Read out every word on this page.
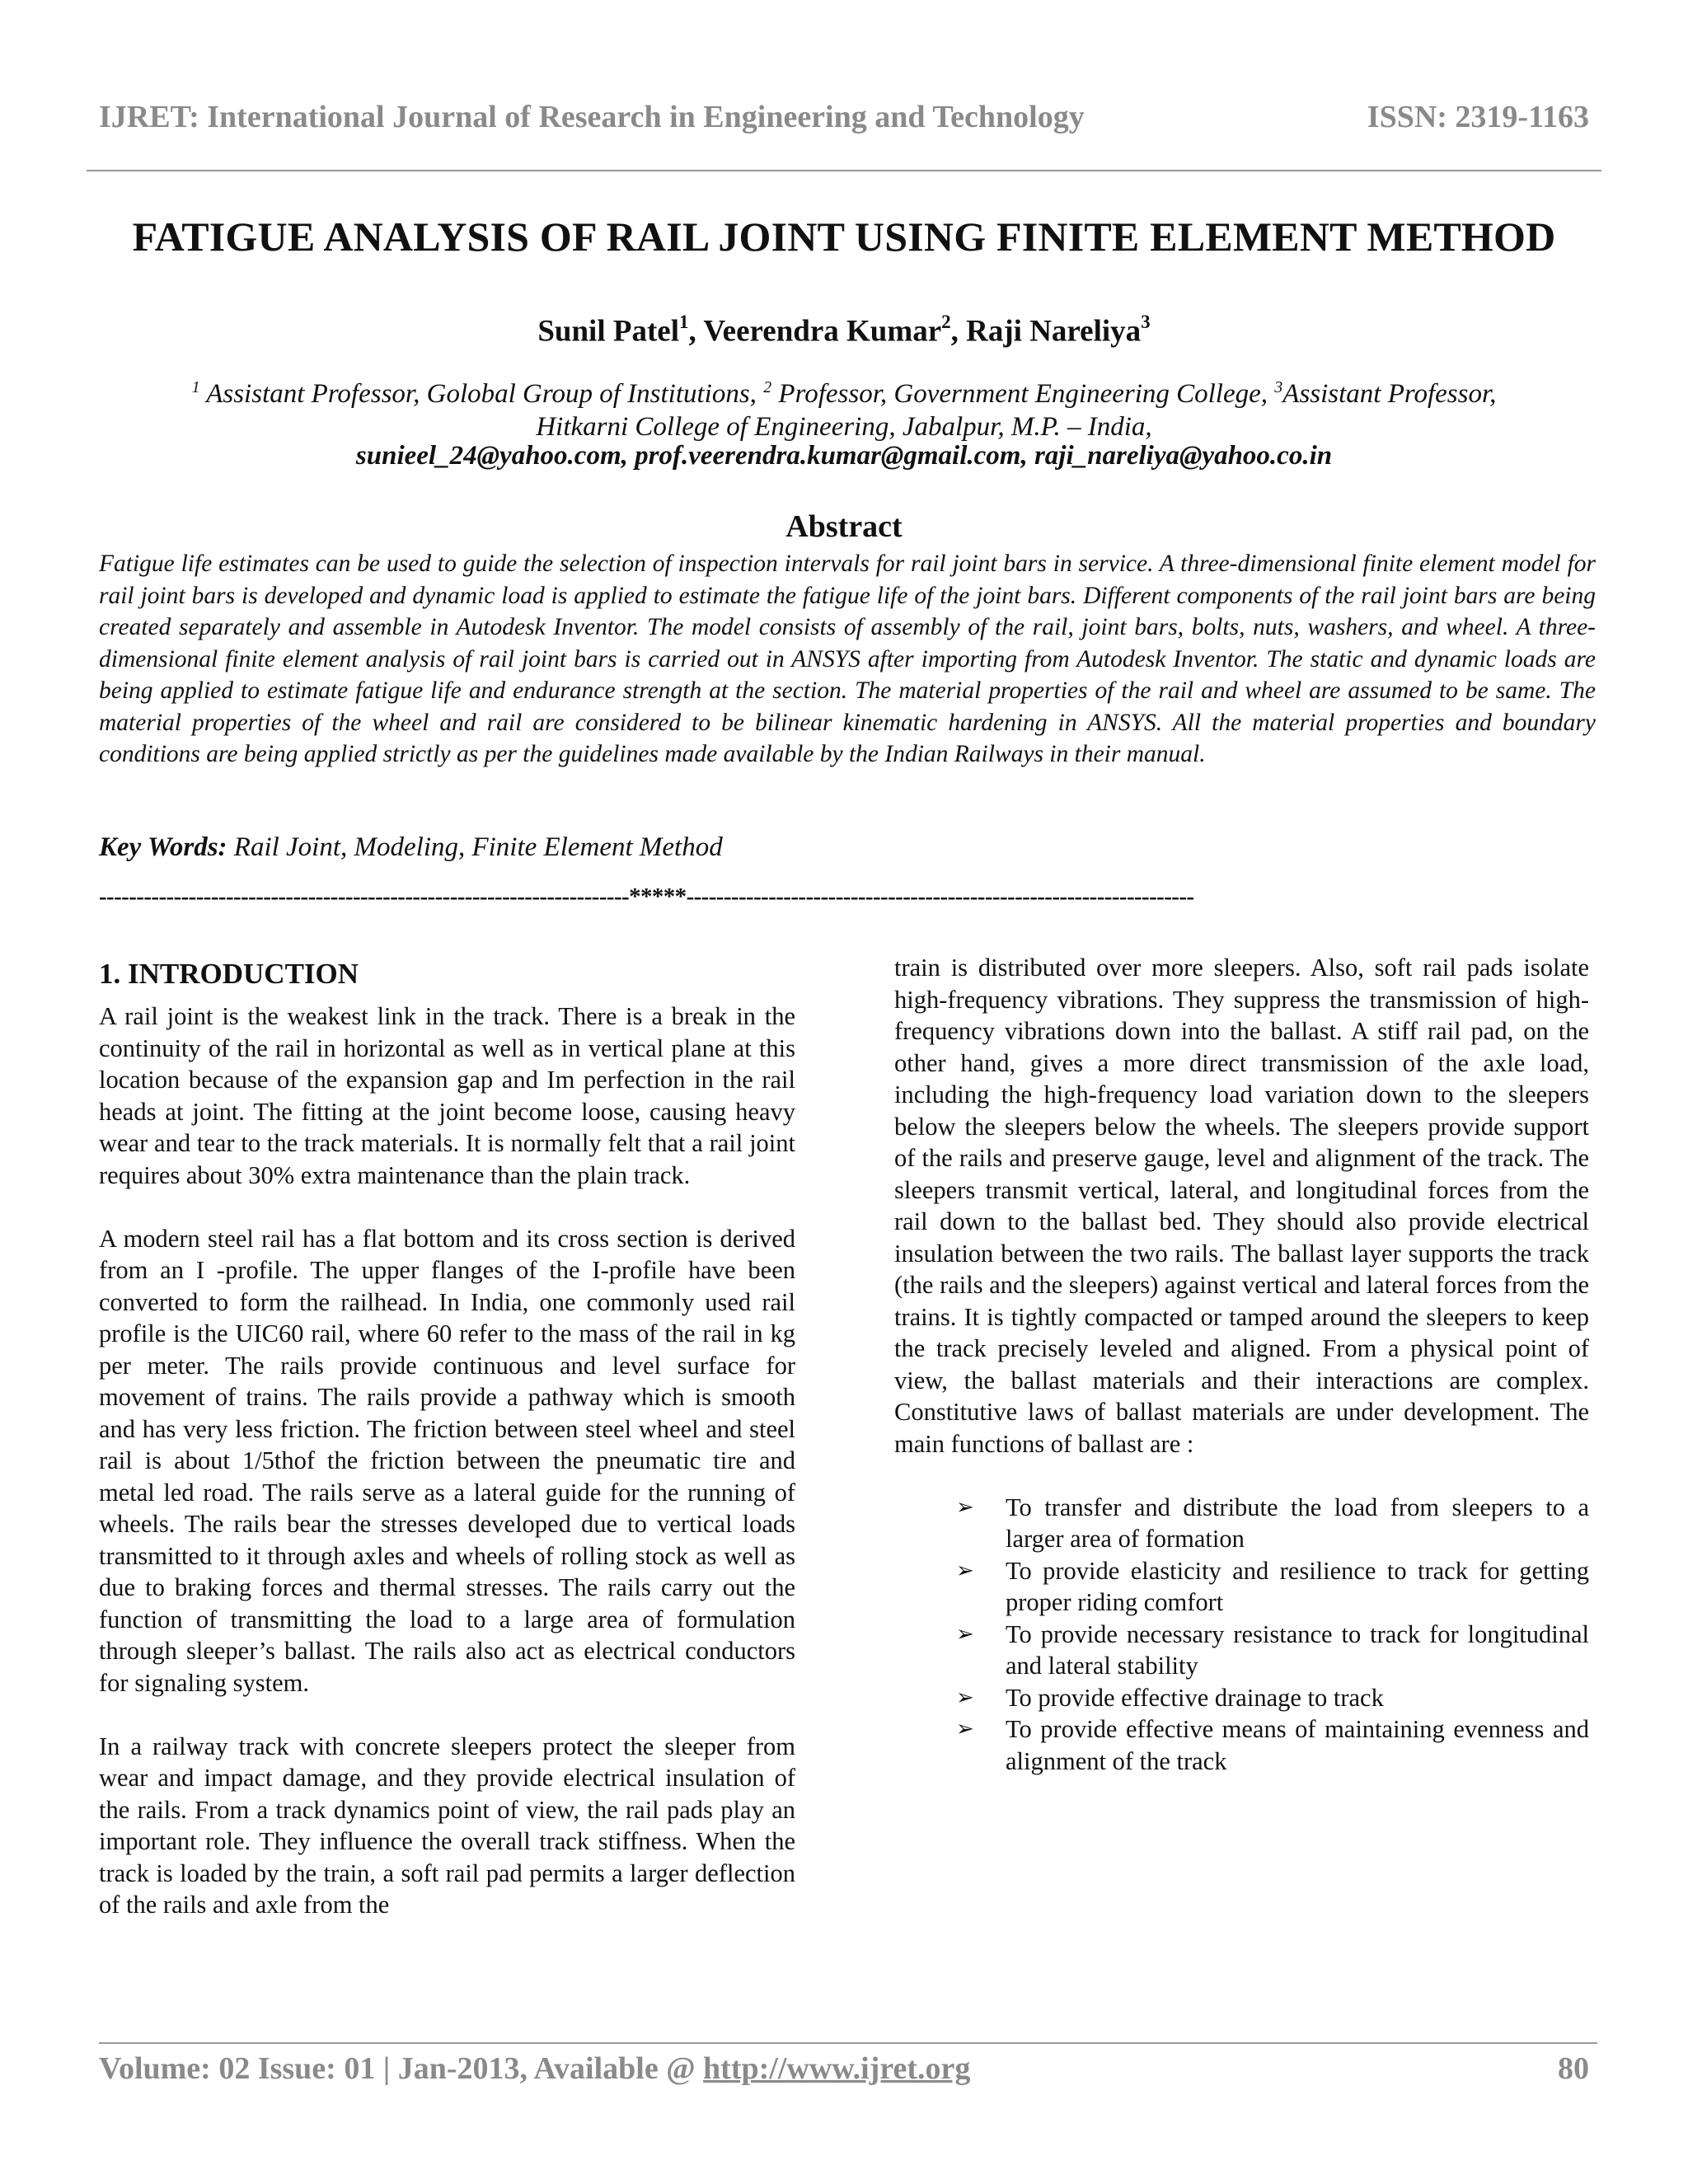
IJRET: International Journal of Research in Engineering and Technology	ISSN: 2319-1163
FATIGUE ANALYSIS OF RAIL JOINT USING FINITE ELEMENT METHOD
Sunil Patel$^1$, Veerendra Kumar$^2$, Raji Nareliya$^3$
$^1$ Assistant Professor, Golobal Group of Institutions, $^2$ Professor, Government Engineering College, $^3$Assistant Professor,
Hitkarni College of Engineering, Jabalpur, M.P. – India,
sunieel_24@yahoo.com, prof.veerendra.kumar@gmail.com, raji_nareliya@yahoo.co.in
Abstract
Fatigue life estimates can be used to guide the selection of inspection intervals for rail joint bars in service. A three-dimensional finite element model for rail joint bars is developed and dynamic load is applied to estimate the fatigue life of the joint bars. Different components of the rail joint bars are being created separately and assemble in Autodesk Inventor. The model consists of assembly of the rail, joint bars, bolts, nuts, washers, and wheel. A three-dimensional finite element analysis of rail joint bars is carried out in ANSYS after importing from Autodesk Inventor. The static and dynamic loads are being applied to estimate fatigue life and endurance strength at the section. The material properties of the rail and wheel are assumed to be same. The material properties of the wheel and rail are considered to be bilinear kinematic hardening in ANSYS. All the material properties and boundary conditions are being applied strictly as per the guidelines made available by the Indian Railways in their manual.
Key Words: Rail Joint, Modeling, Finite Element Method
-----------------------------------------------------------------------*****--------------------------------------------------------------------

1. INTRODUCTION

A rail joint is the weakest link in the track. There is a break in the continuity of the rail in horizontal as well as in vertical plane at this location because of the expansion gap and Im perfection in the rail heads at joint. The fitting at the joint become loose, causing heavy wear and tear to the track materials. It is normally felt that a rail joint requires about 30% extra maintenance than the plain track.

A modern steel rail has a flat bottom and its cross section is derived from an I -profile. The upper flanges of the I-profile have been converted to form the railhead. In India, one commonly used rail profile is the UIC60 rail, where 60 refer to the mass of the rail in kg per meter. The rails provide continuous and level surface for movement of trains. The rails provide a pathway which is smooth and has very less friction. The friction between steel wheel and steel rail is about 1/5thof the friction between the pneumatic tire and metal led road. The rails serve as a lateral guide for the running of wheels. The rails bear the stresses developed due to vertical loads transmitted to it through axles and wheels of rolling stock as well as due to braking forces and thermal stresses. The rails carry out the function of transmitting the load to a large area of formulation through sleeper’s ballast. The rails also act as electrical conductors for signaling system.

In a railway track with concrete sleepers protect the sleeper from wear and impact damage, and they provide electrical insulation of the rails. From a track dynamics point of view, the rail pads play an important role. They influence the overall track stiffness. When the track is loaded by the train, a soft rail pad permits a larger deflection of the rails and axle from the

train is distributed over more sleepers. Also, soft rail pads isolate high-frequency vibrations. They suppress the transmission of high-frequency vibrations down into the ballast. A stiff rail pad, on the other hand, gives a more direct transmission of the axle load, including the high-frequency load variation down to the sleepers below the sleepers below the wheels. The sleepers provide support of the rails and preserve gauge, level and alignment of the track. The sleepers transmit vertical, lateral, and longitudinal forces from the rail down to the ballast bed. They should also provide electrical insulation between the two rails. The ballast layer supports the track (the rails and the sleepers) against vertical and lateral forces from the trains. It is tightly compacted or tamped around the sleepers to keep the track precisely leveled and aligned. From a physical point of view, the ballast materials and their interactions are complex. Constitutive laws of ballast materials are under development. The main functions of ballast are :

➢ To transfer and distribute the load from sleepers to a larger area of formation
➢ To provide elasticity and resilience to track for getting proper riding comfort
➢ To provide necessary resistance to track for longitudinal and lateral stability
➢ To provide effective drainage to track
➢ To provide effective means of maintaining evenness and alignment of the track
Volume: 02 Issue: 01 | Jan-2013, Available @ http://www.ijret.org	80
